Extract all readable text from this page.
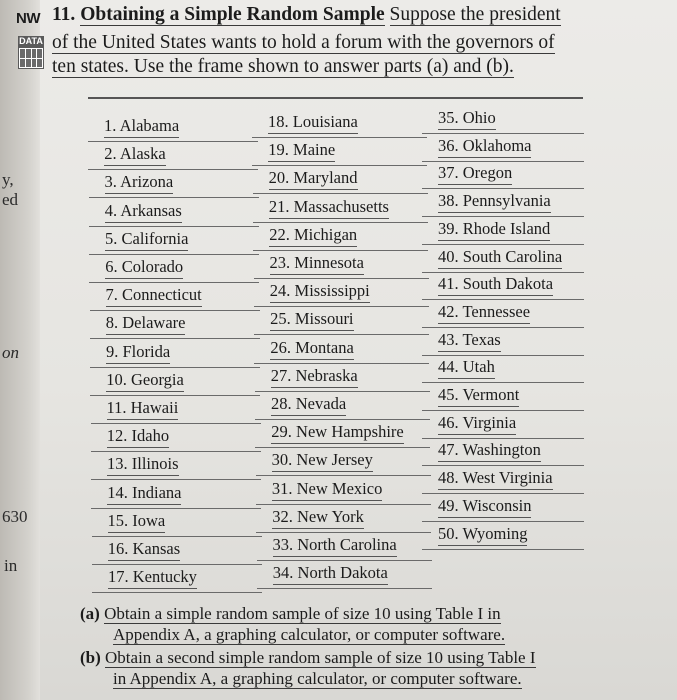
y,
ed
on
630
in
NW
DATA
11. Obtaining a Simple Random Sample Suppose the president
of the United States wants to hold a forum with the governors of
ten states. Use the frame shown to answer parts (a) and (b).
1. Alabama
2. Alaska
3. Arizona
4. Arkansas
5. California
6. Colorado
7. Connecticut
8. Delaware
9. Florida
10. Georgia
11. Hawaii
12. Idaho
13. Illinois
14. Indiana
15. Iowa
16. Kansas
17. Kentucky
18. Louisiana
19. Maine
20. Maryland
21. Massachusetts
22. Michigan
23. Minnesota
24. Mississippi
25. Missouri
26. Montana
27. Nebraska
28. Nevada
29. New Hampshire
30. New Jersey
31. New Mexico
32. New York
33. North Carolina
34. North Dakota
35. Ohio
36. Oklahoma
37. Oregon
38. Pennsylvania
39. Rhode Island
40. South Carolina
41. South Dakota
42. Tennessee
43. Texas
44. Utah
45. Vermont
46. Virginia
47. Washington
48. West Virginia
49. Wisconsin
50. Wyoming
(a) Obtain a simple random sample of size 10 using Table I in
Appendix A, a graphing calculator, or computer software.
(b) Obtain a second simple random sample of size 10 using Table I
in Appendix A, a graphing calculator, or computer software.
